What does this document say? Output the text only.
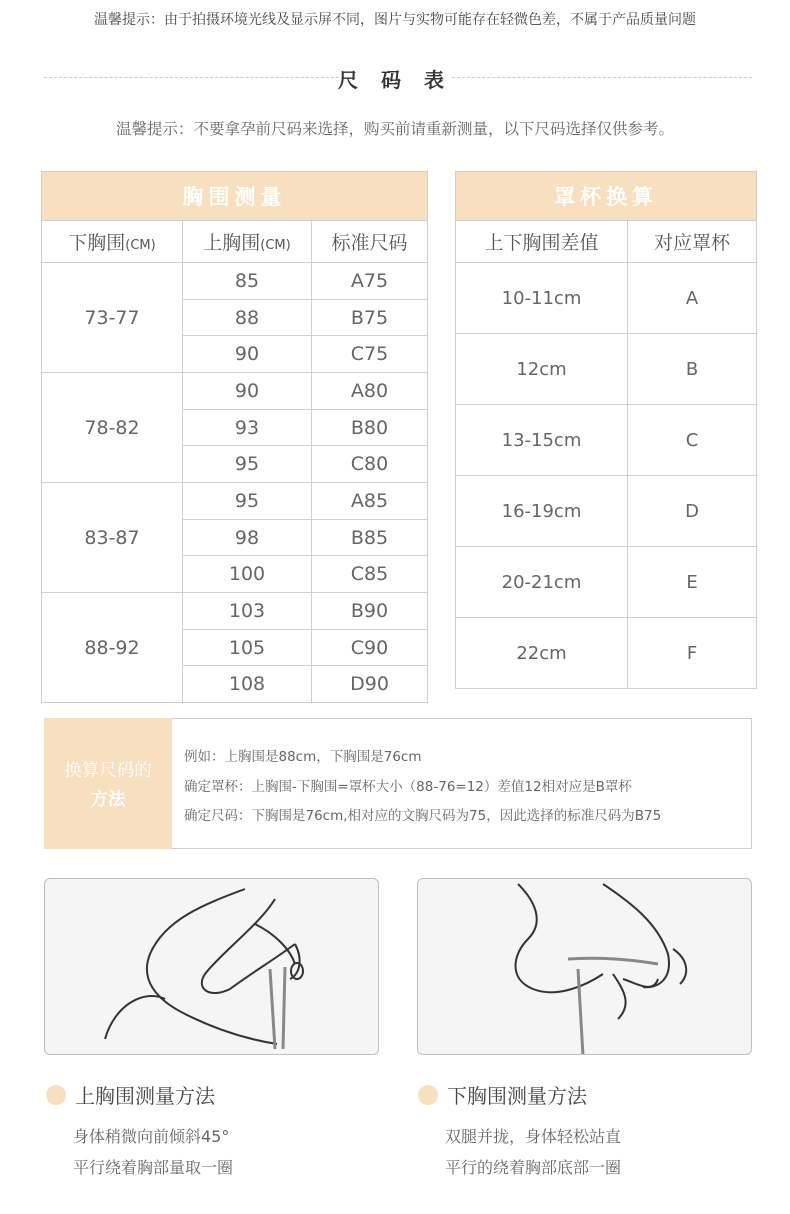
温馨提示：由于拍摄环境光线及显示屏不同，图片与实物可能存在轻微色差，不属于产品质量问题
尺 码 表
温馨提示：不要拿孕前尺码来选择，购买前请重新测量，以下尺码选择仅供参考。
胸围测量		
下胸围(CM)	上胸围(CM)	标准尺码
73-77	85	A75
	88	B75
	90	C75
78-82	90	A80
	93	B80
	95	C80
83-87	95	A85
	98	B85
	100	C85
88-92	103	B90
	105	C90
	108	D90
罩杯换算	
上下胸围差值	对应罩杯
10-11cm	A
12cm	B
13-15cm	C
16-19cm	D
20-21cm	E
22cm	F
换算尺码的
方法
例如：上胸围是88cm，下胸围是76cm
确定罩杯：上胸围-下胸围=罩杯大小（88-76=12）差值12相对应是B罩杯
确定尺码：下胸围是76cm,相对应的文胸尺码为75，因此选择的标准尺码为B75
上胸围测量方法
身体稍微向前倾斜45°
平行绕着胸部量取一圈
下胸围测量方法
双腿并拢，身体轻松站直
平行的绕着胸部底部一圈
